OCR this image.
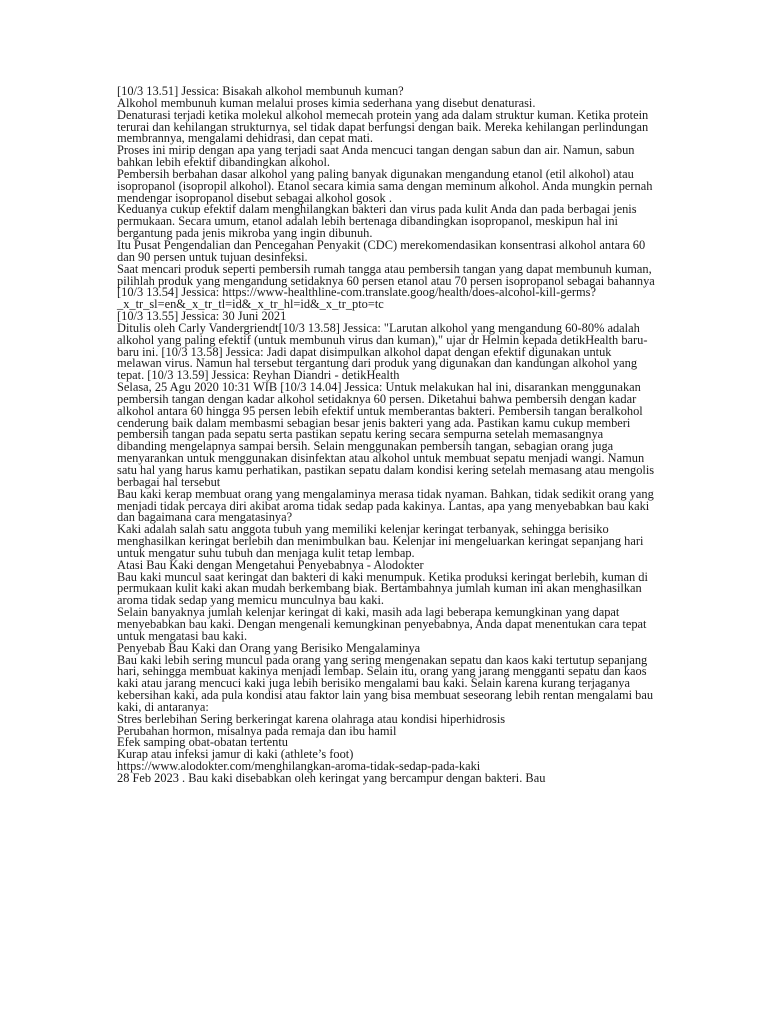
[10/3 13.51] Jessica: Bisakah alkohol membunuh kuman?

Alkohol membunuh kuman melalui proses kimia sederhana yang disebut denaturasi.

Denaturasi terjadi ketika molekul alkohol memecah protein yang ada dalam struktur kuman. Ketika protein terurai dan kehilangan strukturnya, sel tidak dapat berfungsi dengan baik. Mereka kehilangan perlindungan membrannya, mengalami dehidrasi, dan cepat mati.

Proses ini mirip dengan apa yang terjadi saat Anda mencuci tangan dengan sabun dan air. Namun, sabun bahkan lebih efektif dibandingkan alkohol.

Pembersih berbahan dasar alkohol yang paling banyak digunakan mengandung etanol (etil alkohol) atau isopropanol (isopropil alkohol). Etanol secara kimia sama dengan meminum alkohol. Anda mungkin pernah mendengar isopropanol disebut sebagai alkohol gosok .

Keduanya cukup efektif dalam menghilangkan bakteri dan virus pada kulit Anda dan pada berbagai jenis permukaan. Secara umum, etanol adalah lebih bertenaga dibandingkan isopropanol, meskipun hal ini bergantung pada jenis mikroba yang ingin dibunuh.

Itu Pusat Pengendalian dan Pencegahan Penyakit (CDC) merekomendasikan konsentrasi alkohol antara 60 dan 90 persen untuk tujuan desinfeksi.

Saat mencari produk seperti pembersih rumah tangga atau pembersih tangan yang dapat membunuh kuman, pilihlah produk yang mengandung setidaknya 60 persen etanol atau 70 persen isopropanol sebagai bahannya

[10/3 13.54] Jessica: https://www-healthline-com.translate.goog/health/does-alcohol-kill-germs?_x_tr_sl=en&_x_tr_tl=id&_x_tr_hl=id&_x_tr_pto=tc

[10/3 13.55] Jessica: 30 Juni 2021

Ditulis oleh Carly Vandergriendt[10/3 13.58] Jessica: "Larutan alkohol yang mengandung 60-80% adalah alkohol yang paling efektif (untuk membunuh virus dan kuman)," ujar dr Helmin kepada detikHealth baru-baru ini. [10/3 13.58] Jessica: Jadi dapat disimpulkan alkohol dapat dengan efektif digunakan untuk melawan virus. Namun hal tersebut tergantung dari produk yang digunakan dan kandungan alkohol yang tepat. [10/3 13.59] Jessica: Reyhan Diandri - detikHealth

Selasa, 25 Agu 2020 10:31 WIB [10/3 14.04] Jessica: Untuk melakukan hal ini, disarankan menggunakan pembersih tangan dengan kadar alkohol setidaknya 60 persen. Diketahui bahwa pembersih dengan kadar alkohol antara 60 hingga 95 persen lebih efektif untuk memberantas bakteri. Pembersih tangan beralkohol cenderung baik dalam membasmi sebagian besar jenis bakteri yang ada. Pastikan kamu cukup memberi pembersih tangan pada sepatu serta pastikan sepatu kering secara sempurna setelah memasangnya dibanding mengelapnya sampai bersih. Selain menggunakan pembersih tangan, sebagian orang juga menyarankan untuk menggunakan disinfektan atau alkohol untuk membuat sepatu menjadi wangi. Namun satu hal yang harus kamu perhatikan, pastikan sepatu dalam kondisi kering setelah memasang atau mengolis berbagai hal tersebut

Bau kaki kerap membuat orang yang mengalaminya merasa tidak nyaman. Bahkan, tidak sedikit orang yang menjadi tidak percaya diri akibat aroma tidak sedap pada kakinya. Lantas, apa yang menyebabkan bau kaki dan bagaimana cara mengatasinya?

Kaki adalah salah satu anggota tubuh yang memiliki kelenjar keringat terbanyak, sehingga berisiko menghasilkan keringat berlebih dan menimbulkan bau. Kelenjar ini mengeluarkan keringat sepanjang hari untuk mengatur suhu tubuh dan menjaga kulit tetap lembap.

Atasi Bau Kaki dengan Mengetahui Penyebabnya - Alodokter

Bau kaki muncul saat keringat dan bakteri di kaki menumpuk. Ketika produksi keringat berlebih, kuman di permukaan kulit kaki akan mudah berkembang biak. Bertambahnya jumlah kuman ini akan menghasilkan aroma tidak sedap yang memicu munculnya bau kaki.

Selain banyaknya jumlah kelenjar keringat di kaki, masih ada lagi beberapa kemungkinan yang dapat menyebabkan bau kaki. Dengan mengenali kemungkinan penyebabnya, Anda dapat menentukan cara tepat untuk mengatasi bau kaki.

Penyebab Bau Kaki dan Orang yang Berisiko Mengalaminya

Bau kaki lebih sering muncul pada orang yang sering mengenakan sepatu dan kaos kaki tertutup sepanjang hari, sehingga membuat kakinya menjadi lembap. Selain itu, orang yang jarang mengganti sepatu dan kaos kaki atau jarang mencuci kaki juga lebih berisiko mengalami bau kaki. Selain karena kurang terjaganya kebersihan kaki, ada pula kondisi atau faktor lain yang bisa membuat seseorang lebih rentan mengalami bau kaki, di antaranya:

Stres berlebihan Sering berkeringat karena olahraga atau kondisi hiperhidrosis

Perubahan hormon, misalnya pada remaja dan ibu hamil

Efek samping obat-obatan tertentu

Kurap atau infeksi jamur di kaki (athlete’s foot)

https://www.alodokter.com/menghilangkan-aroma-tidak-sedap-pada-kaki

28 Feb 2023 . Bau kaki disebabkan oleh keringat yang bercampur dengan bakteri. Bau
